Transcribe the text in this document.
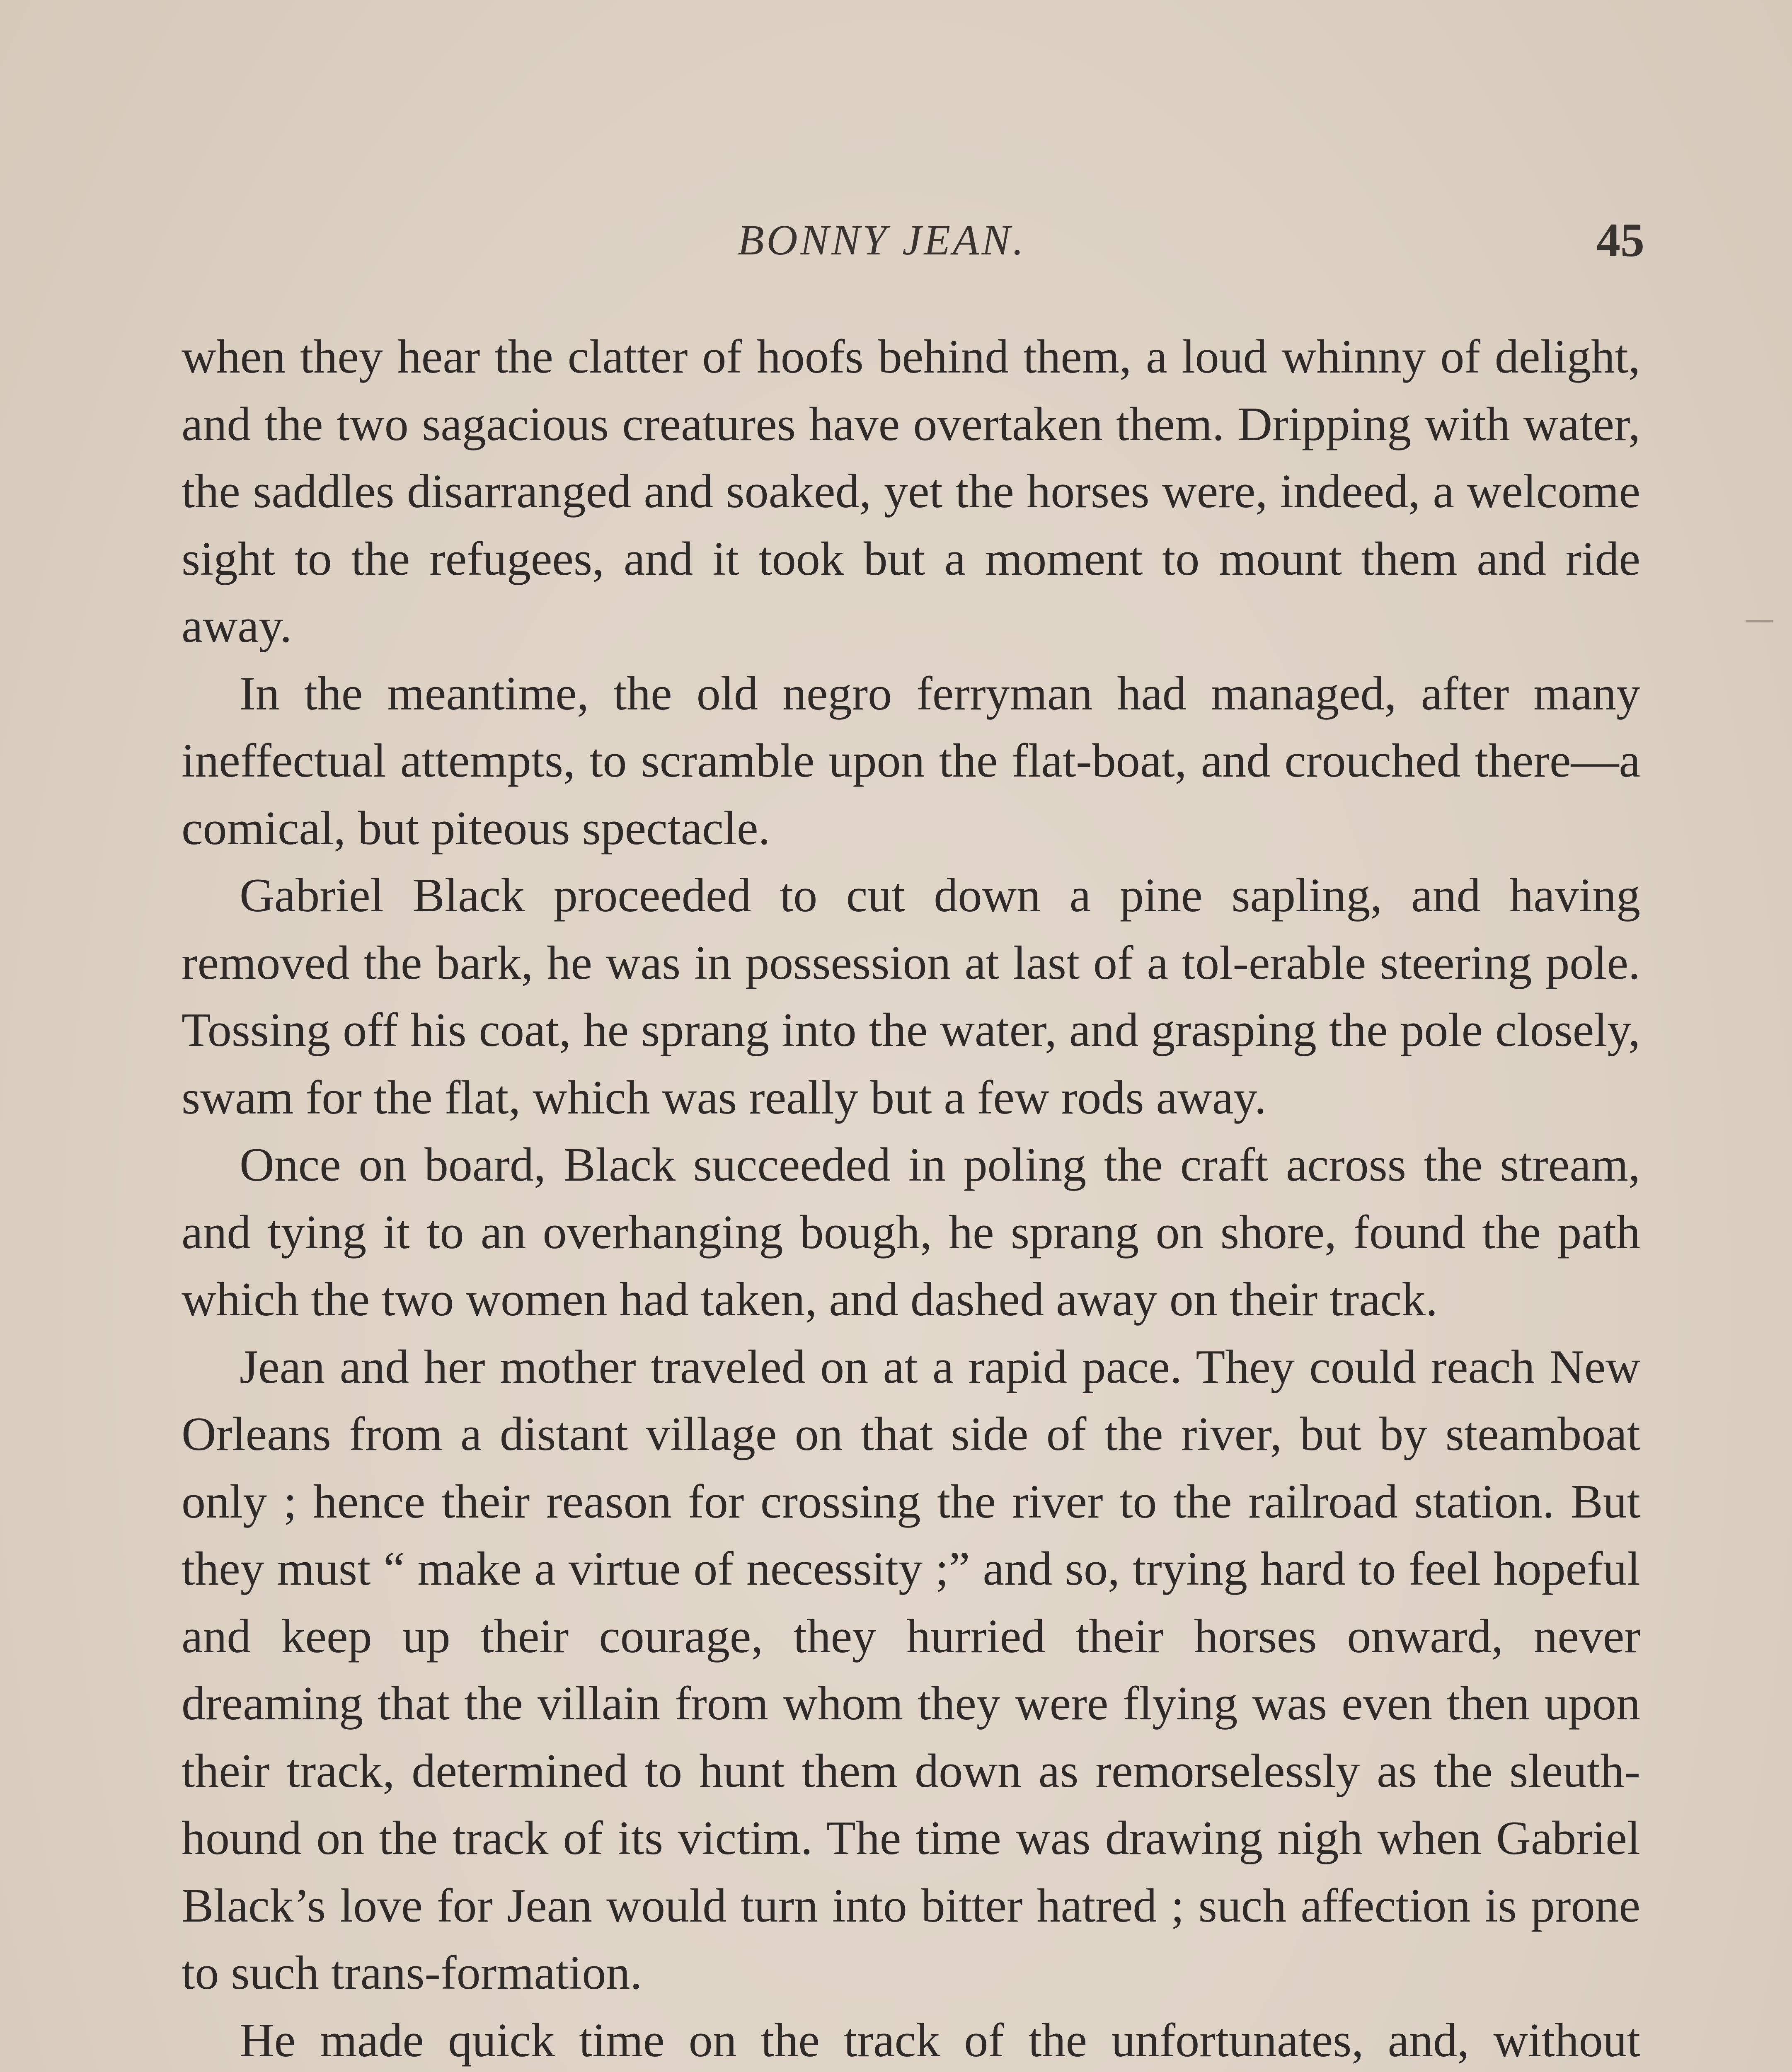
BONNY JEAN.	45

when they hear the clatter of hoofs behind them, a loud whinny of delight, and the two sagacious creatures have overtaken them. Dripping with water, the saddles disarranged and soaked, yet the horses were, indeed, a welcome sight to the refugees, and it took but a moment to mount them and ride away.

In the meantime, the old negro ferryman had managed, after many ineffectual attempts, to scramble upon the flat-boat, and crouched there—a comical, but piteous spectacle.

Gabriel Black proceeded to cut down a pine sapling, and having removed the bark, he was in possession at last of a tol-erable steering pole. Tossing off his coat, he sprang into the water, and grasping the pole closely, swam for the flat, which was really but a few rods away.

Once on board, Black succeeded in poling the craft across the stream, and tying it to an overhanging bough, he sprang on shore, found the path which the two women had taken, and dashed away on their track.

Jean and her mother traveled on at a rapid pace. They could reach New Orleans from a distant village on that side of the river, but by steamboat only ; hence their reason for crossing the river to the railroad station. But they must “ make a virtue of necessity ;” and so, trying hard to feel hopeful and keep up their courage, they hurried their horses onward, never dreaming that the villain from whom they were flying was even then upon their track, determined to hunt them down as remorselessly as the sleuth-hound on the track of its victim. The time was drawing nigh when Gabriel Black’s love for Jean would turn into bitter hatred ; such affection is prone to such trans-formation.

He made quick time on the track of the unfortunates, and, without
